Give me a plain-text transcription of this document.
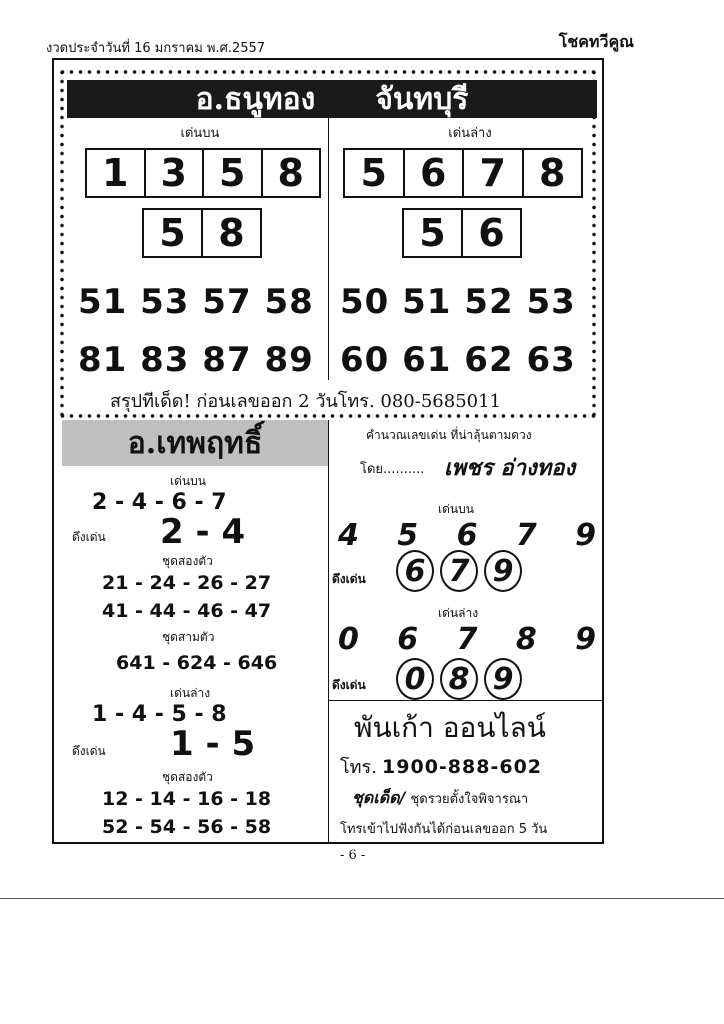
งวดประจำวันที่ 16 มกราคม พ.ศ.2557	โชคทวีคูณ
อ.ธนูทอง จันทบุรี
เด่นบน
1 3 5 8
5 8
51 53 57 58
81 83 87 89
เด่นล่าง
5 6 7 8
5 6
50 51 52 53
60 61 62 63
สรุปทีเด็ด! ก่อนเลขออก 2 วันโทร. 080-5685011
อ.เทพฤทธิ์
เด่นบน
2 - 4 - 6 - 7
ดึงเด่น 2 - 4
ชุดสองตัว
21 - 24 - 26 - 27
41 - 44 - 46 - 47
ชุดสามตัว
641 - 624 - 646
เด่นล่าง
1 - 4 - 5 - 8
ดึงเด่น 1 - 5
ชุดสองตัว
12 - 14 - 16 - 18
52 - 54 - 56 - 58
คำนวณเลขเด่น ที่น่าลุ้นตามดวง
โดย.......... เพชร อ่างทอง
เด่นบน
4 5 6 7 9
ดึงเด่น 6 7 9
เด่นล่าง
0 6 7 8 9
ดึงเด่น 0 8 9
พันเก้า ออนไลน์
โทร. 1900-888-602
ชุดเด็ด/ ชุดรวยตั้งใจพิจารณา
โทรเข้าไปฟังกันได้ก่อนเลขออก 5 วัน
- 6 -
